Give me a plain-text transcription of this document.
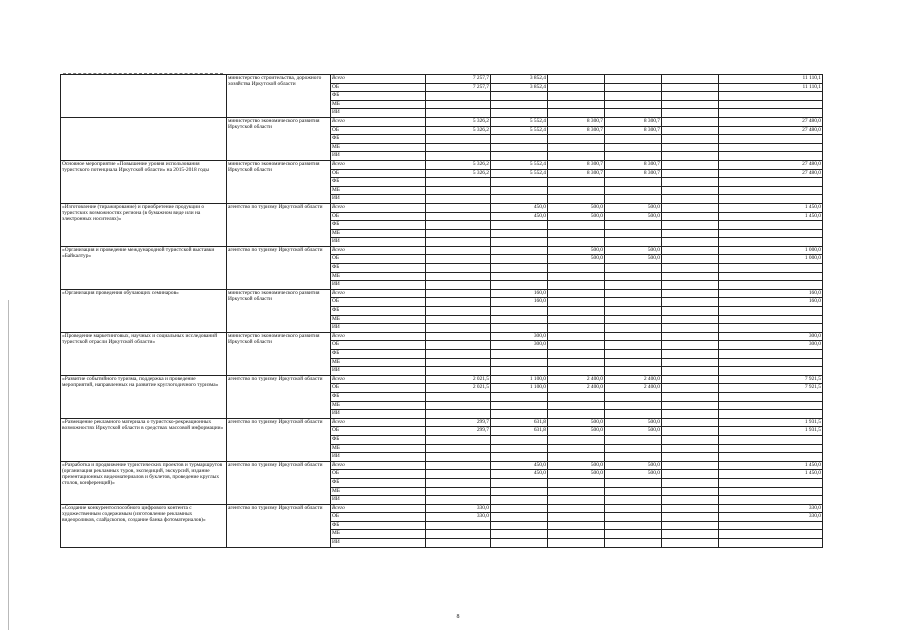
	министерство строительства, дорожного хозяйства Иркутской области	Всего	7 257,7	3 852,4				11 110,1
		ОБ	7 257,7	3 852,4				11 110,1
		ФБ						
		МБ						
		ИИ						
	министерство экономического развития Иркутской области	Всего	5 326,2	5 552,4	8 300,7	8 300,7		27 480,0
		ОБ	5 326,2	5 552,4	8 300,7	8 300,7		27 480,0
		ФБ						
		МБ						
		ИИ						
Основное мероприятие «Повышение уровня использования туристского потенциала Иркутской области» на 2015-2018 годы	министерство экономического развития Иркутской области	Всего	5 326,2	5 552,4	8 300,7	8 300,7		27 480,0
		ОБ	5 326,2	5 552,4	8 300,7	8 300,7		27 480,0
		ФБ						
		МБ						
		ИИ						
«Изготовление (тиражирование) и приобретение продукции о туристских возможностях региона (в бумажном виде или на электронных носителях)»	агентство по туризму Иркутской области	Всего		450,0	500,0	500,0		1 450,0
		ОБ		450,0	500,0	500,0		1 450,0
		ФБ						
		МБ						
		ИИ						
«Организация и проведение международной туристской выставки «Байкалтур»	агентство по туризму Иркутской области	Всего			500,0	500,0		1 000,0
		ОБ			500,0	500,0		1 000,0
		ФБ						
		МБ						
		ИИ						
«Организация проведения обучающих семинаров»	министерство экономического развития Иркутской области	Всего		160,0				160,0
		ОБ		160,0				160,0
		ФБ						
		МБ						
		ИИ						
«Проведение маркетинговых, научных и социальных исследований туристской отрасли Иркутской области»	министерство экономического развития Иркутской области	Всего		300,0				300,0
		ОБ		300,0				300,0
		ФБ						
		МБ						
		ИИ						
«Развитие событийного туризма, поддержка и проведение мероприятий, направленных на развитие круглогодичного туризма»	агентство по туризму Иркутской области	Всего	2 021,5	1 100,0	2 400,0	2 400,0		7 921,5
		ОБ	2 021,5	1 100,0	2 400,0	2 400,0		7 921,5
		ФБ						
		МБ						
		ИИ						
«Размещение рекламного материала о туристско-рекреационных возможностях Иркутской области в средствах массовой информации»	агентство по туризму Иркутской области	Всего	299,7	631,8	500,0	500,0		1 931,5
		ОБ	299,7	631,8	500,0	500,0		1 931,5
		ФБ						
		МБ						
		ИИ						
«Разработка и продвижение туристических проектов и турмаршрутов (организация рекламных туров, экспедиций, экскурсий, издание презентационных видеоматериалов и буклетов, проведение круглых столов, конференций)»	агентство по туризму Иркутской области	Всего		450,0	500,0	500,0		1 450,0
		ОБ		450,0	500,0	500,0		1 450,0
		ФБ						
		МБ						
		ИИ						
«Создание конкурентоспособного цифрового контента с художественным содержимым (изготовление рекламных видеороликов, слайдскопов, создание банка фотоматериалов)»	агентство по туризму Иркутской области	Всего	330,0					330,0
		ОБ	330,0					330,0
		ФБ						
		МБ						
		ИИ						
8
